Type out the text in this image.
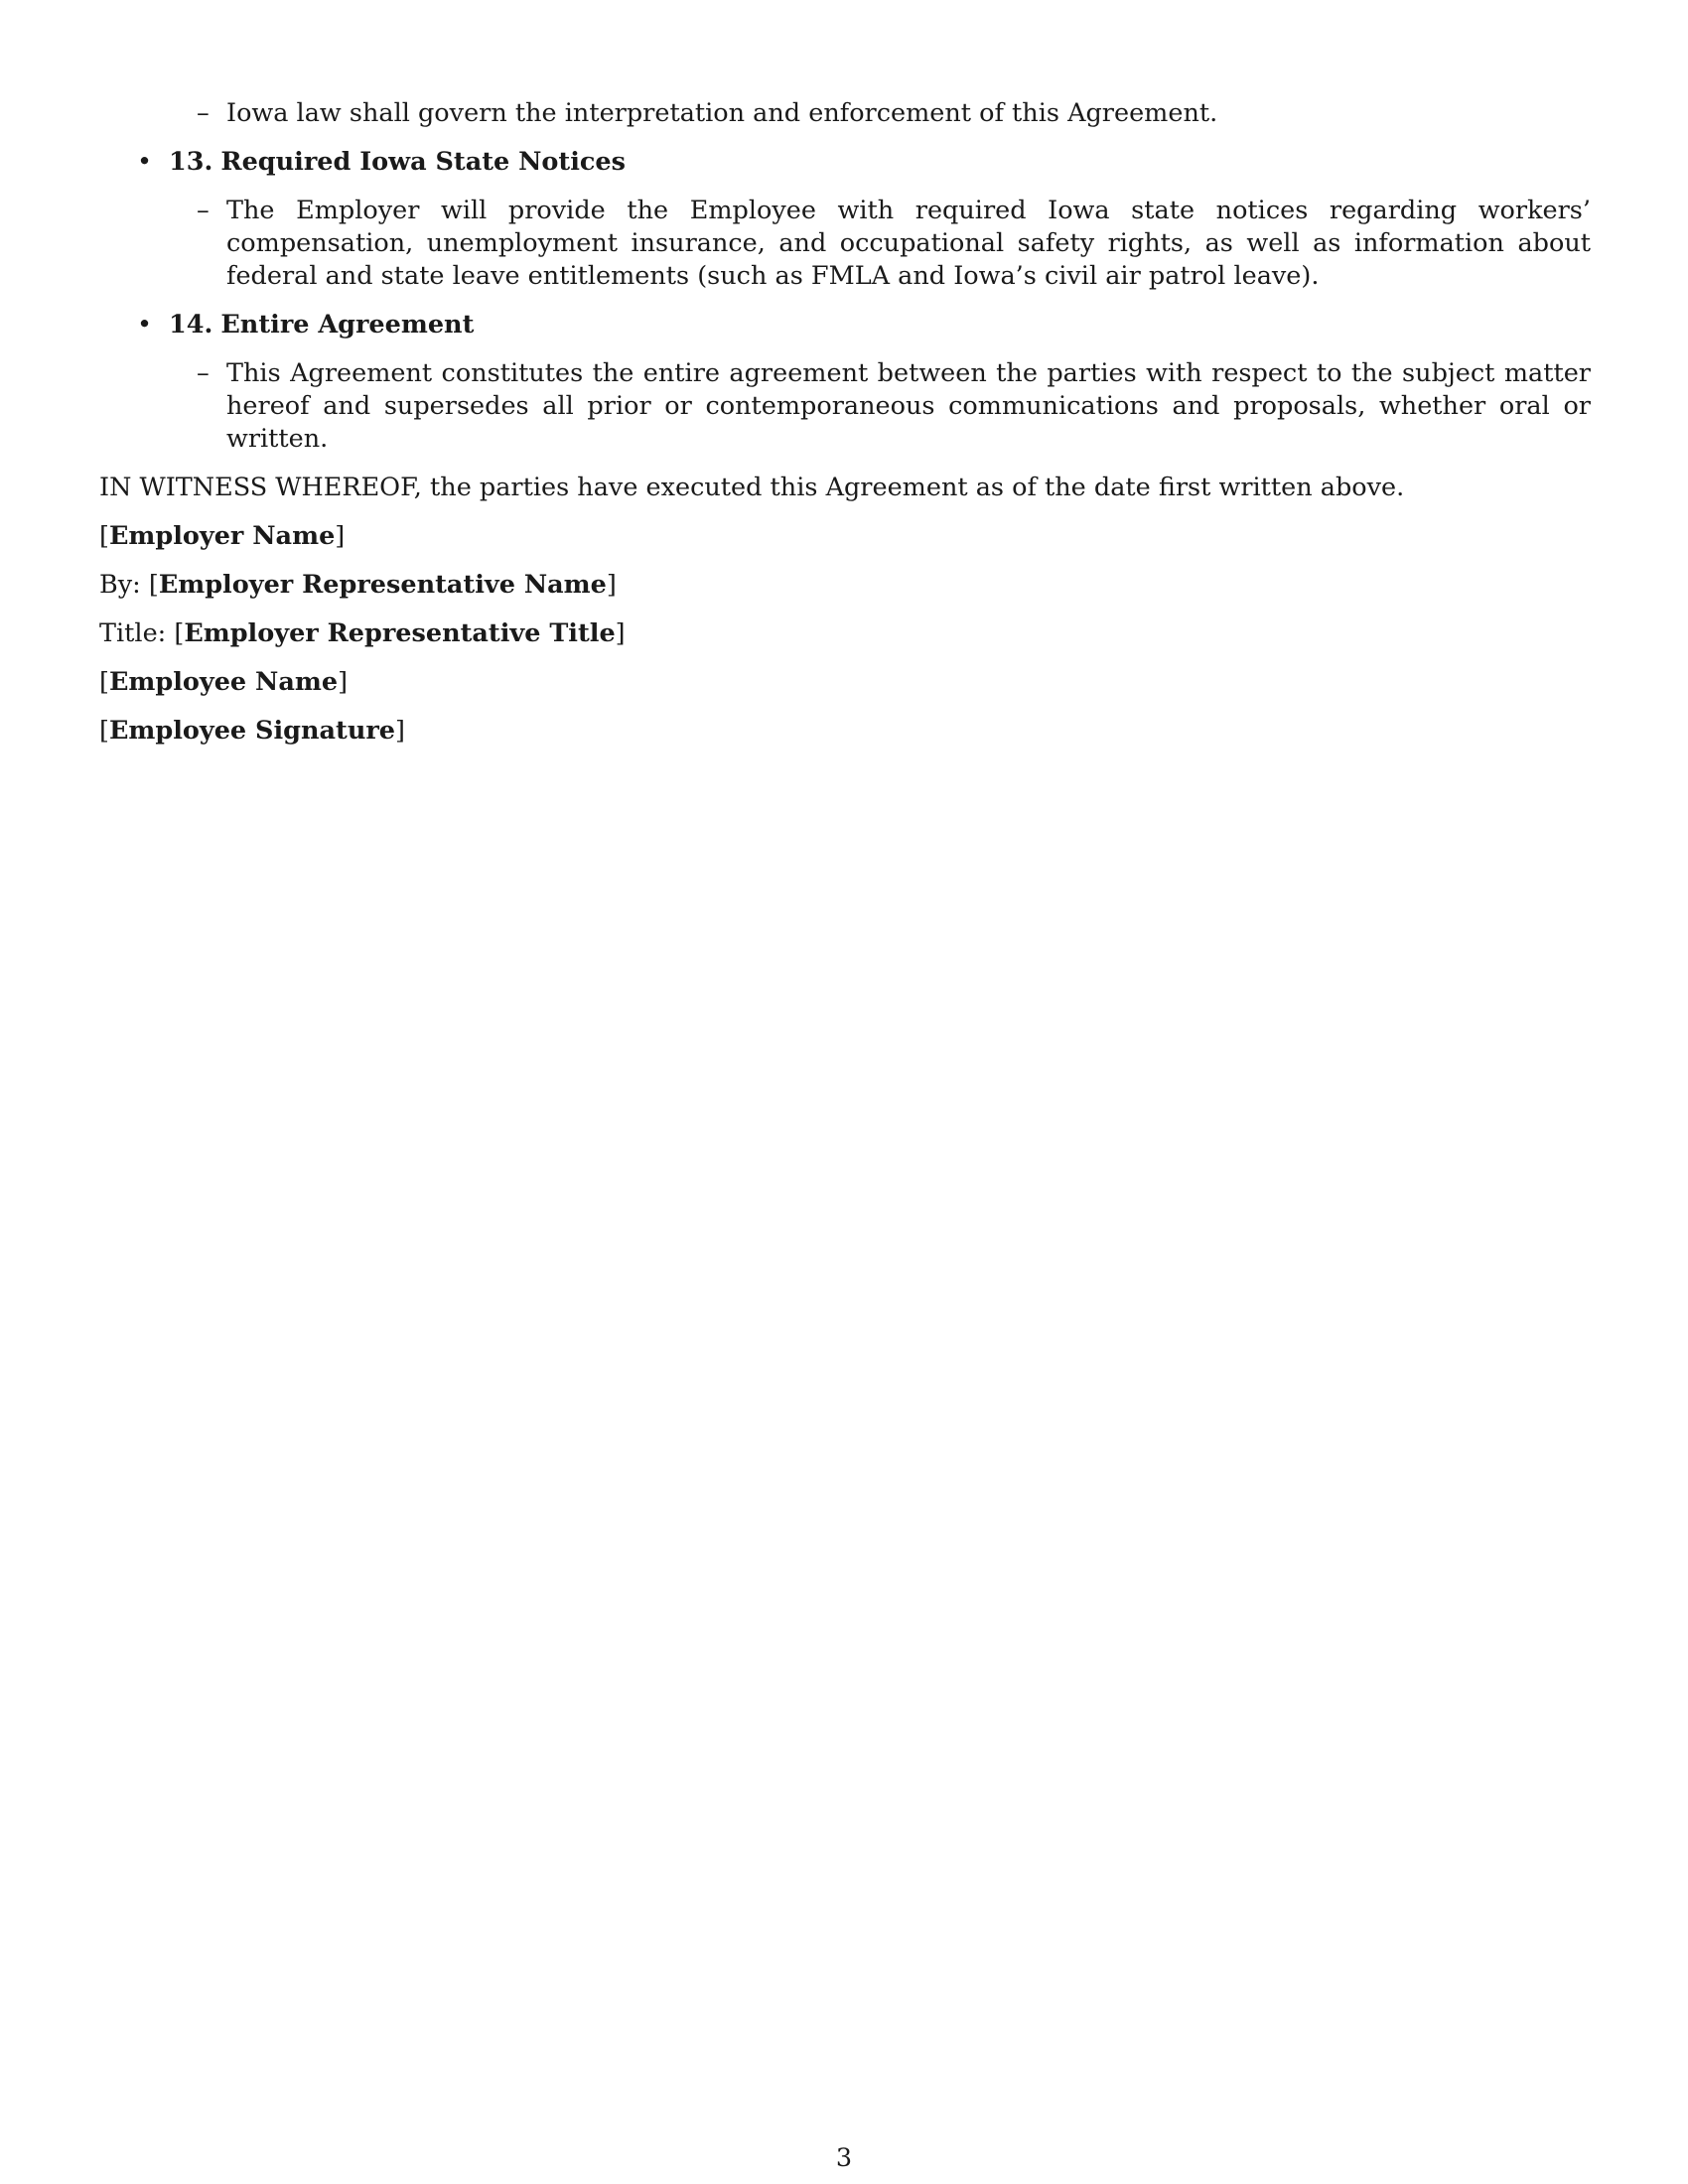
– Iowa law shall govern the interpretation and enforcement of this Agreement.
• 13. Required Iowa State Notices
– The Employer will provide the Employee with required Iowa state notices regarding workers’ compensation, unemployment insurance, and occupational safety rights, as well as information about federal and state leave entitlements (such as FMLA and Iowa’s civil air patrol leave).
• 14. Entire Agreement
– This Agreement constitutes the entire agreement between the parties with respect to the subject matter hereof and supersedes all prior or contemporaneous communications and proposals, whether oral or written.
IN WITNESS WHEREOF, the parties have executed this Agreement as of the date first written above.
[Employer Name]
By: [Employer Representative Name]
Title: [Employer Representative Title]
[Employee Name]
[Employee Signature]
3
